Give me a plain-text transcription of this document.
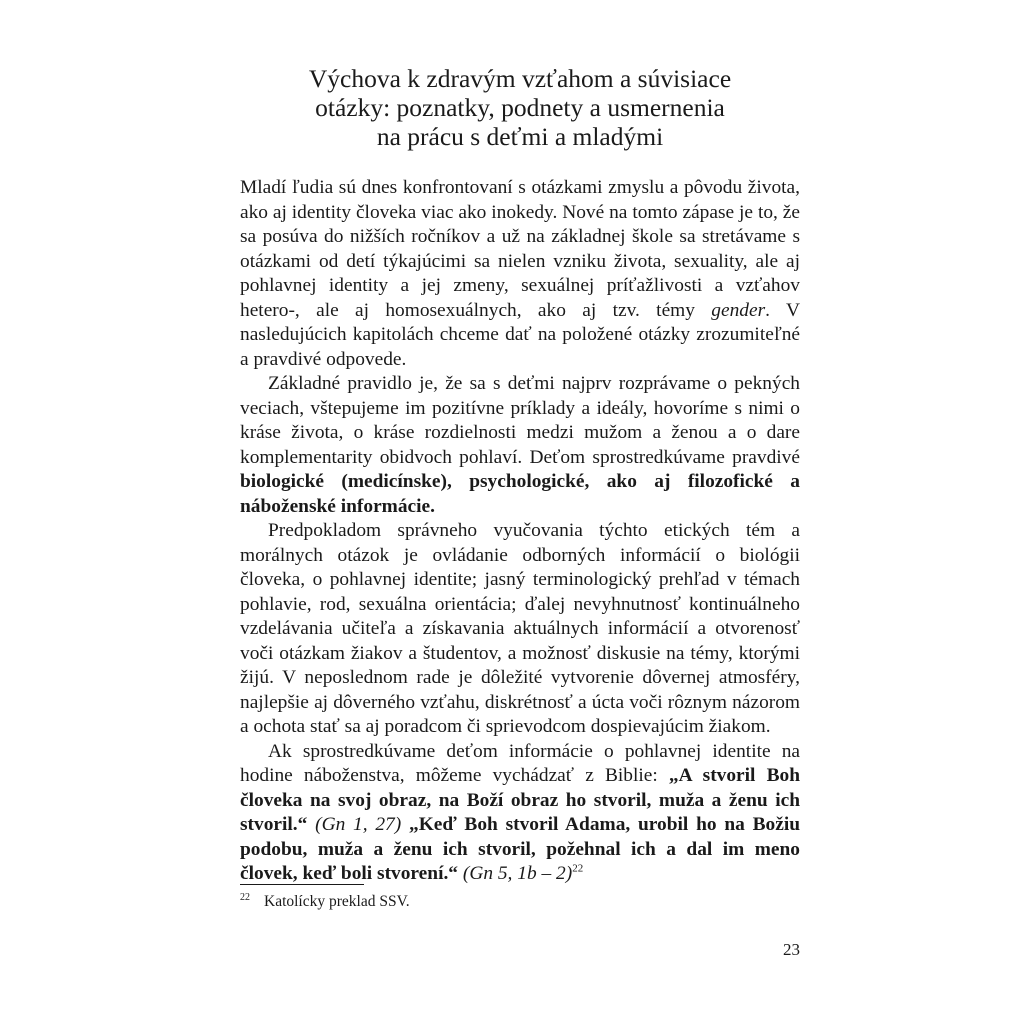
Výchova k zdravým vzťahom a súvisiace
otázky: poznatky, podnety a usmernenia
na prácu s deťmi a mladými

Mladí ľudia sú dnes konfrontovaní s otázkami zmyslu a pôvodu života, ako aj identity človeka viac ako inokedy. Nové na tomto zápase je to, že sa posúva do nižších ročníkov a už na základnej škole sa stretávame s otázkami od detí týkajúcimi sa nielen vzniku života, sexuality, ale aj pohlavnej identity a jej zmeny, sexuálnej príťažlivosti a vzťahov hetero-, ale aj homosexuálnych, ako aj tzv. témy gender. V nasledujúcich kapitolách chceme dať na položené otázky zrozumiteľné a pravdivé odpovede.

Základné pravidlo je, že sa s deťmi najprv rozprávame o pekných veciach, vštepujeme im pozitívne príklady a ideály, hovoríme s nimi o kráse života, o kráse rozdielnosti medzi mužom a ženou a o dare komplementarity obidvoch pohlaví. Deťom sprostredkúvame pravdivé biologické (medicínske), psychologické, ako aj filozofické a náboženské informácie.

Predpokladom správneho vyučovania týchto etických tém a morálnych otázok je ovládanie odborných informácií o biológii človeka, o pohlavnej identite; jasný terminologický prehľad v témach pohlavie, rod, sexuálna orientácia; ďalej nevyhnutnosť kontinuálneho vzdelávania učiteľa a získavania aktuálnych informácií a otvorenosť voči otázkam žiakov a študentov, a možnosť diskusie na témy, ktorými žijú. V neposlednom rade je dôležité vytvorenie dôvernej atmosféry, najlepšie aj dôverného vzťahu, diskrétnosť a úcta voči rôznym názorom a ochota stať sa aj poradcom či sprievodcom dospievajúcim žiakom.

Ak sprostredkúvame deťom informácie o pohlavnej identite na hodine náboženstva, môžeme vychádzať z Biblie: „A stvoril Boh človeka na svoj obraz, na Boží obraz ho stvoril, muža a ženu ich stvoril.“ (Gn 1, 27) „Keď Boh stvoril Adama, urobil ho na Božiu podobu, muža a ženu ich stvoril, požehnal ich a dal im meno človek, keď boli stvorení.“ (Gn 5, 1b – 2)$^{22}$

$^{22}$ Katolícky preklad SSV.
23
